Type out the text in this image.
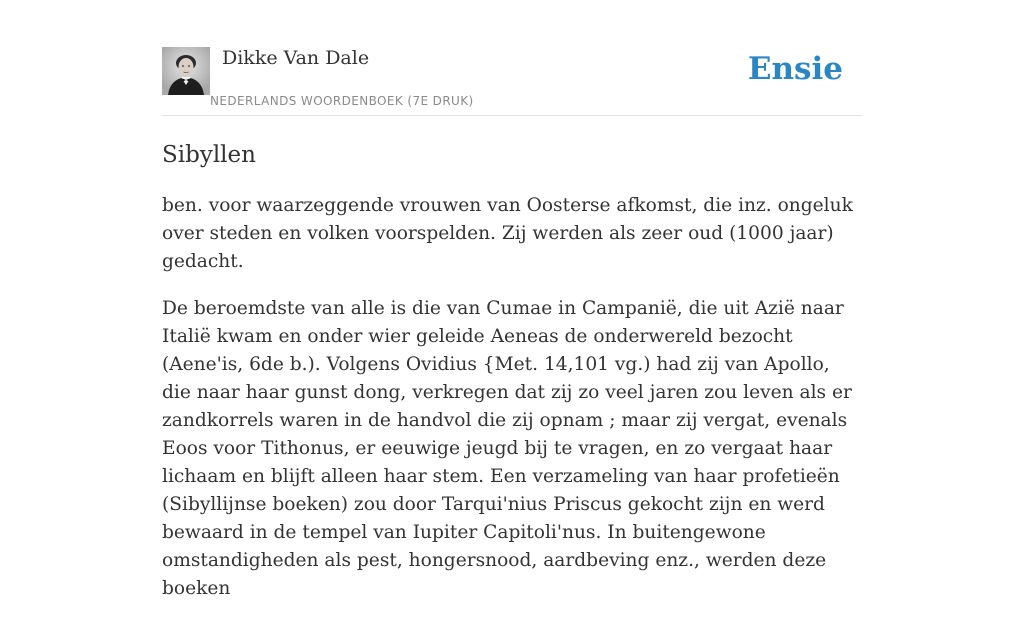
Dikke Van Dale
NEDERLANDS WOORDENBOEK (7E DRUK)
Ensie
Sibyllen

ben. voor waarzeggende vrouwen van Oosterse afkomst, die inz. ongeluk over steden en volken voorspelden. Zij werden als zeer oud (1000 jaar) gedacht.

De beroemdste van alle is die van Cumae in Campanië, die uit Azië naar Italië kwam en onder wier geleide Aeneas de onderwereld bezocht (Aene'is, 6de b.). Volgens Ovidius {Met. 14,101 vg.) had zij van Apollo, die naar haar gunst dong, verkregen dat zij zo veel jaren zou leven als er zandkorrels waren in de handvol die zij opnam ; maar zij vergat, evenals Eoos voor Tithonus, er eeuwige jeugd bij te vragen, en zo vergaat haar lichaam en blijft alleen haar stem. Een verzameling van haar profetieën (Sibyllijnse boeken) zou door Tarqui'nius Priscus gekocht zijn en werd bewaard in de tempel van Iupiter Capitoli'nus. In buitengewone omstandigheden als pest, hongersnood, aardbeving enz., werden deze boeken
